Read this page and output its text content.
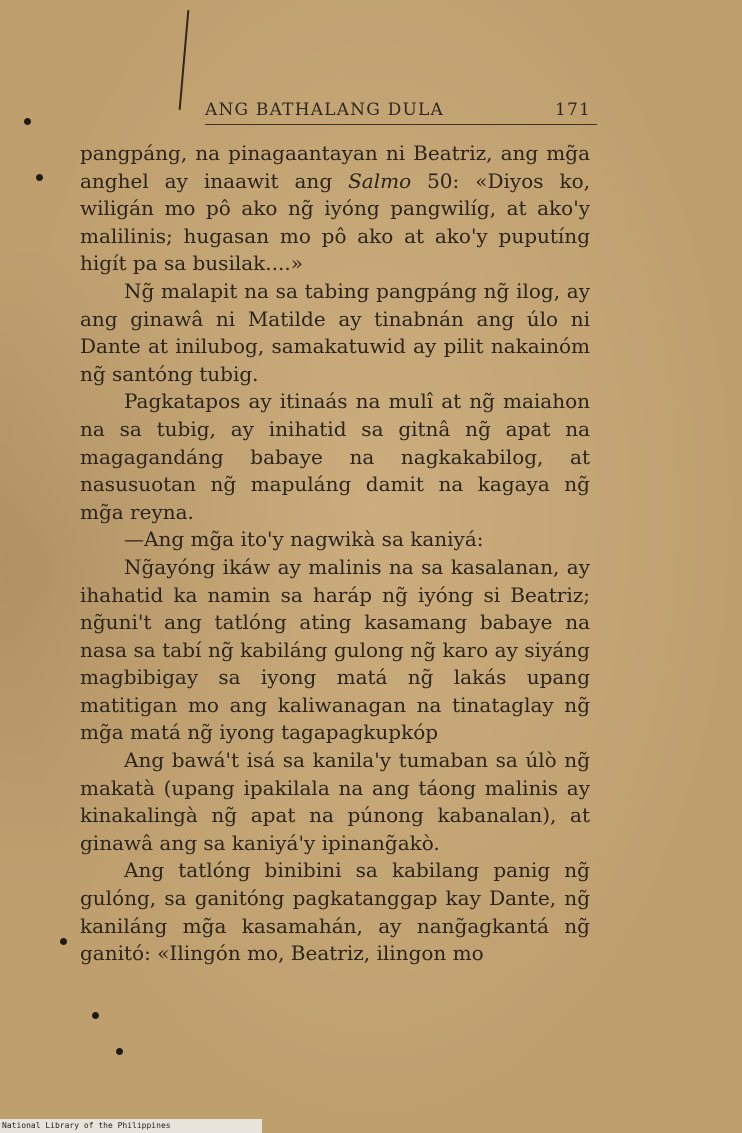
ANG BATHALANG DULA	171

pangpáng, na pinagaantayan ni Beatriz, ang mg̃a anghel ay inaawit ang Salmo 50: «Diyos ko, wiligán mo pô ako ng̃ iyóng pangwilíg, at ako'y malilinis; hugasan mo pô ako at ako'y puputíng higít pa sa busilak....»

Ng̃ malapit na sa tabing pangpáng ng̃ ilog, ay ang ginawâ ni Matilde ay tinabnán ang úlo ni Dante at inilubog, samakatuwid ay pilit nakainóm ng̃ santóng tubig.

Pagkatapos ay itinaás na mulî at ng̃ maiahon na sa tubig, ay inihatid sa gitnâ ng̃ apat na magagandáng babaye na nagkakabilog, at nasusuotan ng̃ mapuláng damit na kagaya ng̃ mg̃a reyna.

—Ang mg̃a ito'y nagwikà sa kaniyá:

Ng̃ayóng ikáw ay malinis na sa kasalanan, ay ihahatid ka namin sa haráp ng̃ iyóng si Beatriz; ng̃uni't ang tatlóng ating kasamang babaye na nasa sa tabí ng̃ kabiláng gulong ng̃ karo ay siyáng magbibigay sa iyong matá ng̃ lakás upang matitigan mo ang kaliwanagan na tinataglay ng̃ mg̃a matá ng̃ iyong tagapagkupkóp

Ang bawá't isá sa kanila'y tumaban sa úlò ng̃ makatà (upang ipakilala na ang táong malinis ay kinakalingà ng̃ apat na púnong kabanalan), at ginawâ ang sa kaniyá'y ipinang̃akò.

Ang tatlóng binibini sa kabilang panig ng̃ gulóng, sa ganitóng pagkatanggap kay Dante, ng̃ kaniláng mg̃a kasamahán, ay nang̃agkantá ng̃ ganitó: «Ilingón mo, Beatriz, ilingon mo

National Library of the Philippines
